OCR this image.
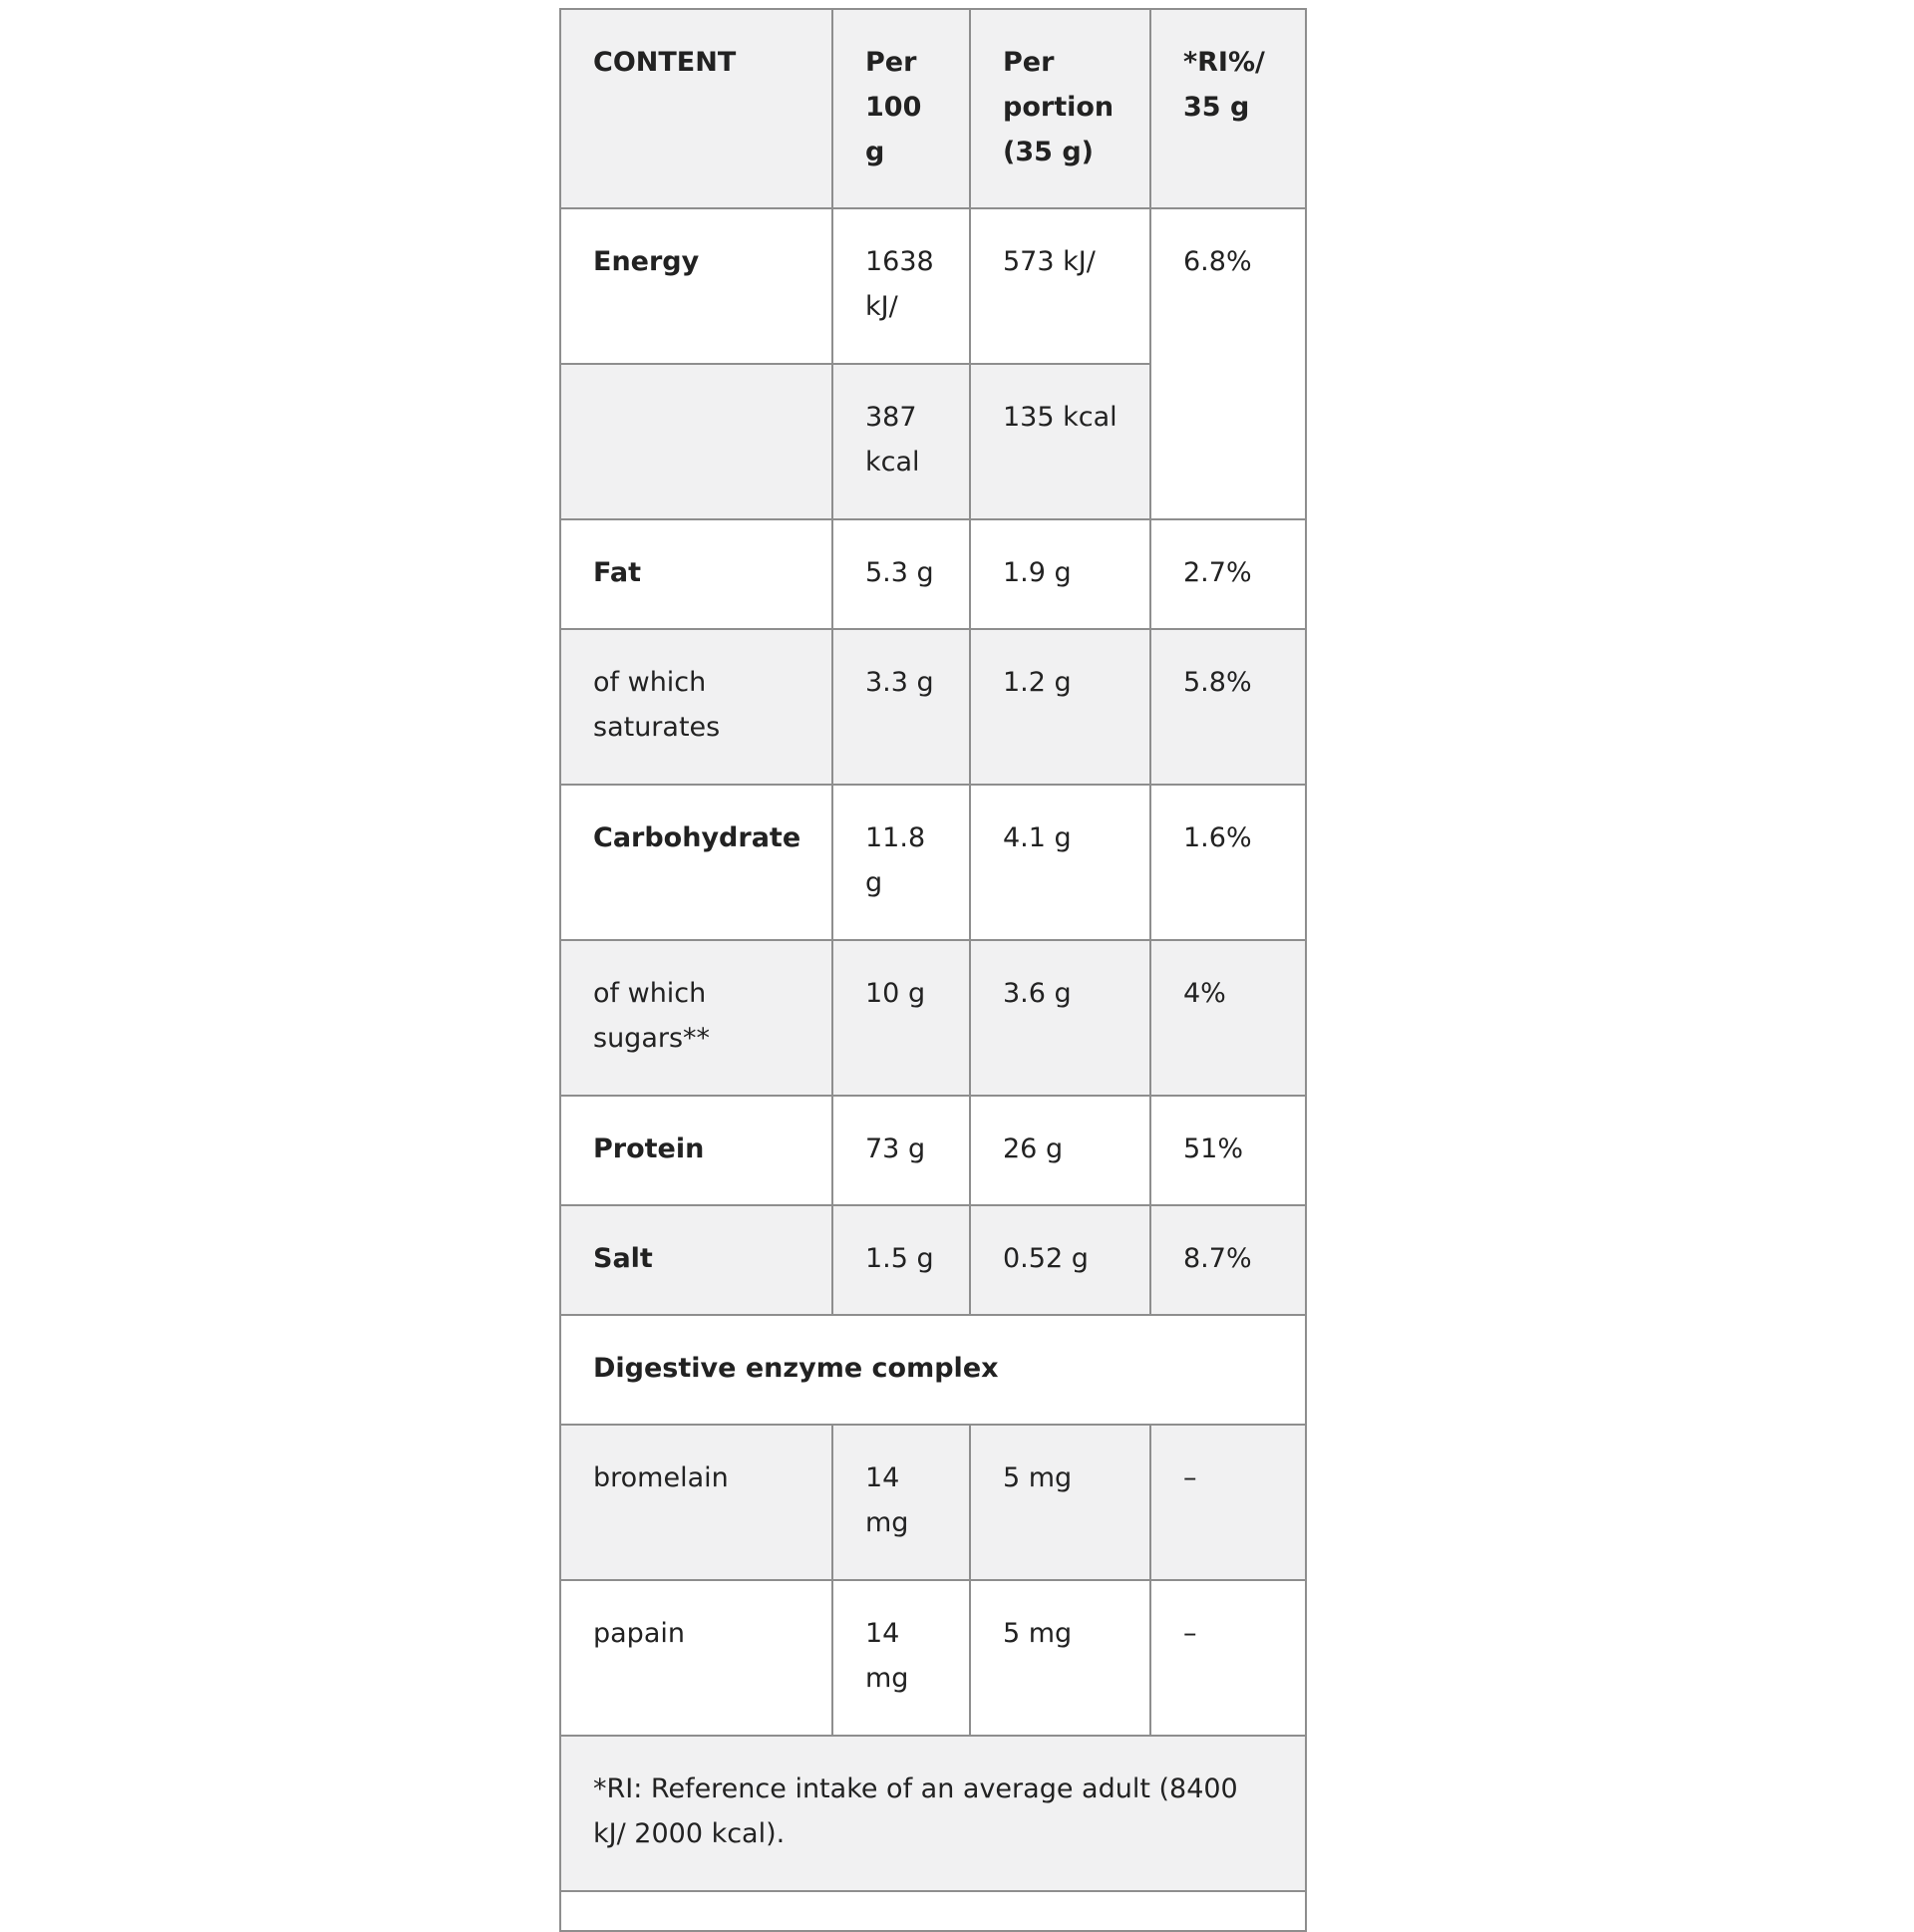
CONTENT	Per 100 g	Per portion (35 g)	*RI%/ 35 g
Energy	1638 kJ/	573 kJ/	6.8%
	387 kcal	135 kcal	
Fat	5.3 g	1.9 g	2.7%
of which saturates	3.3 g	1.2 g	5.8%
Carbohydrate	11.8 g	4.1 g	1.6%
of which sugars**	10 g	3.6 g	4%
Protein	73 g	26 g	51%
Salt	1.5 g	0.52 g	8.7%
Digestive enzyme complex			
bromelain	14 mg	5 mg	–
papain	14 mg	5 mg	–
*RI: Reference intake of an average adult (8400 kJ/ 2000 kcal).			
